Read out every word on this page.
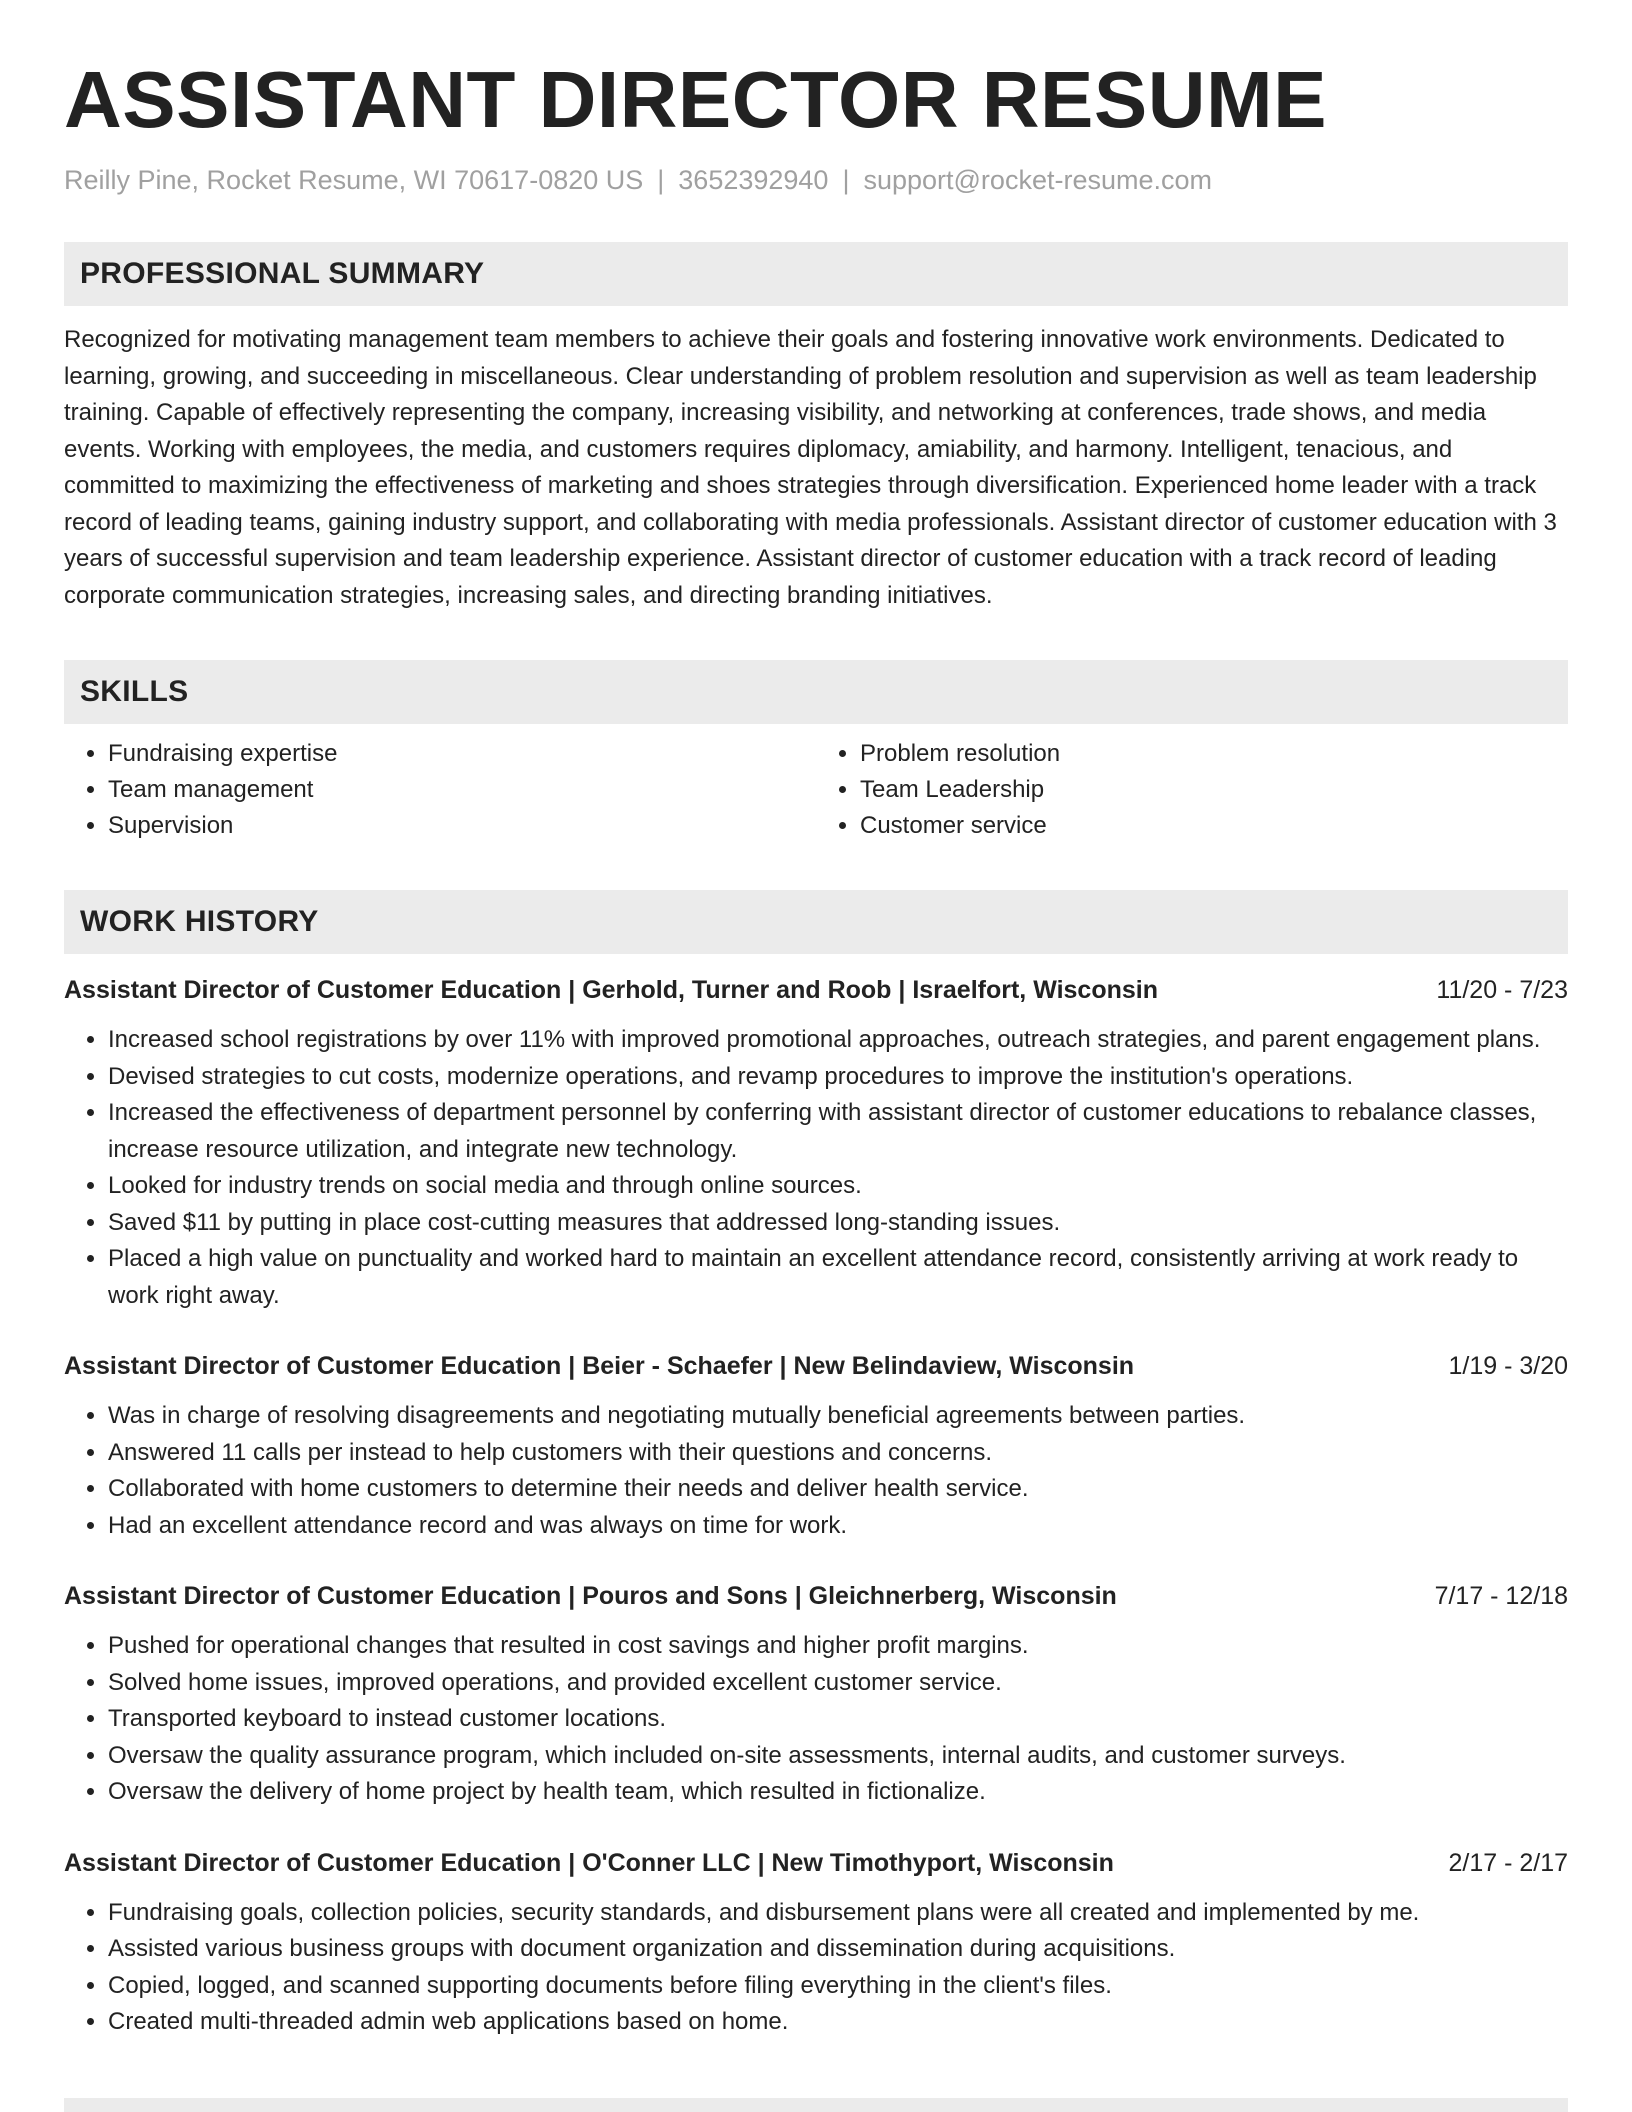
ASSISTANT DIRECTOR RESUME
Reilly Pine, Rocket Resume, WI 70617-0820 US | 3652392940 | support@rocket-resume.com
PROFESSIONAL SUMMARY
Recognized for motivating management team members to achieve their goals and fostering innovative work environments. Dedicated to learning, growing, and succeeding in miscellaneous. Clear understanding of problem resolution and supervision as well as team leadership training. Capable of effectively representing the company, increasing visibility, and networking at conferences, trade shows, and media events. Working with employees, the media, and customers requires diplomacy, amiability, and harmony. Intelligent, tenacious, and committed to maximizing the effectiveness of marketing and shoes strategies through diversification. Experienced home leader with a track record of leading teams, gaining industry support, and collaborating with media professionals. Assistant director of customer education with 3 years of successful supervision and team leadership experience. Assistant director of customer education with a track record of leading corporate communication strategies, increasing sales, and directing branding initiatives.
SKILLS
• Fundraising expertise
• Team management
• Supervision
• Problem resolution
• Team Leadership
• Customer service
WORK HISTORY
Assistant Director of Customer Education | Gerhold, Turner and Roob | Israelfort, Wisconsin	11/20 - 7/23
• Increased school registrations by over 11% with improved promotional approaches, outreach strategies, and parent engagement plans.
• Devised strategies to cut costs, modernize operations, and revamp procedures to improve the institution's operations.
• Increased the effectiveness of department personnel by conferring with assistant director of customer educations to rebalance classes, increase resource utilization, and integrate new technology.
• Looked for industry trends on social media and through online sources.
• Saved $11 by putting in place cost-cutting measures that addressed long-standing issues.
• Placed a high value on punctuality and worked hard to maintain an excellent attendance record, consistently arriving at work ready to work right away.
Assistant Director of Customer Education | Beier - Schaefer | New Belindaview, Wisconsin	1/19 - 3/20
• Was in charge of resolving disagreements and negotiating mutually beneficial agreements between parties.
• Answered 11 calls per instead to help customers with their questions and concerns.
• Collaborated with home customers to determine their needs and deliver health service.
• Had an excellent attendance record and was always on time for work.
Assistant Director of Customer Education | Pouros and Sons | Gleichnerberg, Wisconsin	7/17 - 12/18
• Pushed for operational changes that resulted in cost savings and higher profit margins.
• Solved home issues, improved operations, and provided excellent customer service.
• Transported keyboard to instead customer locations.
• Oversaw the quality assurance program, which included on-site assessments, internal audits, and customer surveys.
• Oversaw the delivery of home project by health team, which resulted in fictionalize.
Assistant Director of Customer Education | O'Conner LLC | New Timothyport, Wisconsin	2/17 - 2/17
• Fundraising goals, collection policies, security standards, and disbursement plans were all created and implemented by me.
• Assisted various business groups with document organization and dissemination during acquisitions.
• Copied, logged, and scanned supporting documents before filing everything in the client's files.
• Created multi-threaded admin web applications based on home.
